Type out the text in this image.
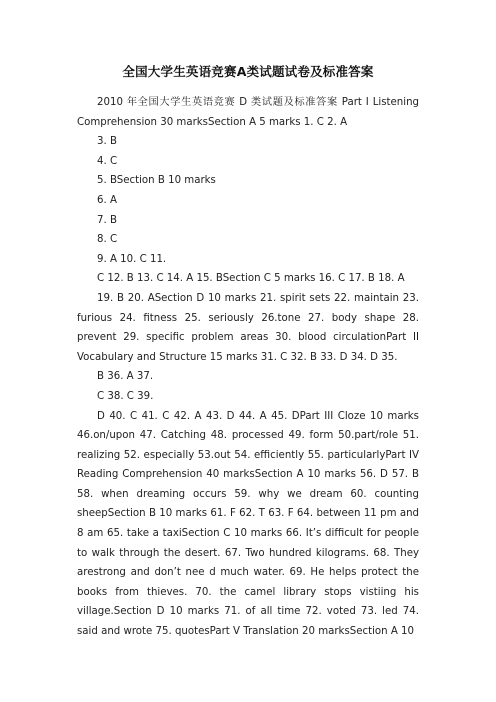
全国大学生英语竞赛A类试题试卷及标准答案

2010 年全国大学生英语竞赛 D 类试题及标准答案 Part I Listening Comprehension 30 marksSection A 5 marks 1. C 2. A

3. B

4. C

5. BSection B 10 marks

6. A

7. B

8. C

9. A 10. C 11.

C 12. B 13. C 14. A 15. BSection C 5 marks 16. C 17. B 18. A

19. B 20. ASection D 10 marks 21. spirit sets 22. maintain 23. furious 24. fitness 25. seriously 26.tone 27. body shape 28. prevent 29. specific problem areas 30. blood circulationPart II Vocabulary and Structure 15 marks 31. C 32. B 33. D 34. D 35.

B 36. A 37.

C 38. C 39.

D 40. C 41. C 42. A 43. D 44. A 45. DPart III Cloze 10 marks 46.on/upon 47. Catching 48. processed 49. form 50.part/role 51. realizing 52. especially 53.out 54. efficiently 55. particularlyPart IV Reading Comprehension 40 marksSection A 10 marks 56. D 57. B 58. when dreaming occurs 59. why we dream 60. counting sheepSection B 10 marks 61. F 62. T 63. F 64. between 11 pm and 8 am 65. take a taxiSection C 10 marks 66. It’s difficult for people to walk through the desert. 67. Two hundred kilograms. 68. They arestrong and don’t nee d much water. 69. He helps protect the books from thieves. 70. the camel library stops vistiing his village.Section D 10 marks 71. of all time 72. voted 73. led 74. said and wrote 75. quotesPart V Translation 20 marksSection A 10
